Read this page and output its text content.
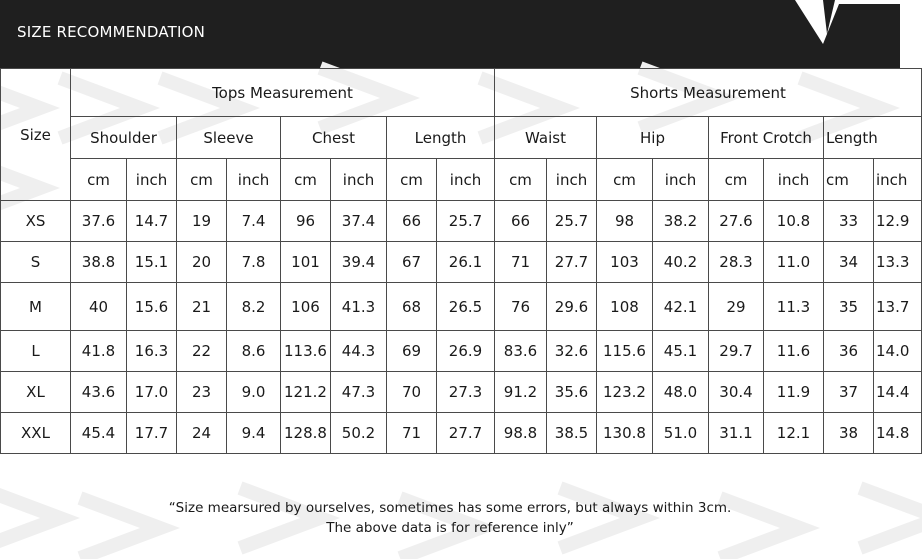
SIZE RECOMMENDATION
Size	Tops Measurement								Shorts Measurement							
	Shoulder		Sleeve		Chest		Length		Waist		Hip		Front Crotch		Length	
	cm	inch	cm	inch	cm	inch	cm	inch	cm	inch	cm	inch	cm	inch	cm	inch
XS	37.6	14.7	19	7.4	96	37.4	66	25.7	66	25.7	98	38.2	27.6	10.8	33	12.9
S	38.8	15.1	20	7.8	101	39.4	67	26.1	71	27.7	103	40.2	28.3	11.0	34	13.3
M	40	15.6	21	8.2	106	41.3	68	26.5	76	29.6	108	42.1	29	11.3	35	13.7
L	41.8	16.3	22	8.6	113.6	44.3	69	26.9	83.6	32.6	115.6	45.1	29.7	11.6	36	14.0
XL	43.6	17.0	23	9.0	121.2	47.3	70	27.3	91.2	35.6	123.2	48.0	30.4	11.9	37	14.4
XXL	45.4	17.7	24	9.4	128.8	50.2	71	27.7	98.8	38.5	130.8	51.0	31.1	12.1	38	14.8
“Size mearsured by ourselves, sometimes has some errors, but always within 3cm.
The above data is for reference inly”
